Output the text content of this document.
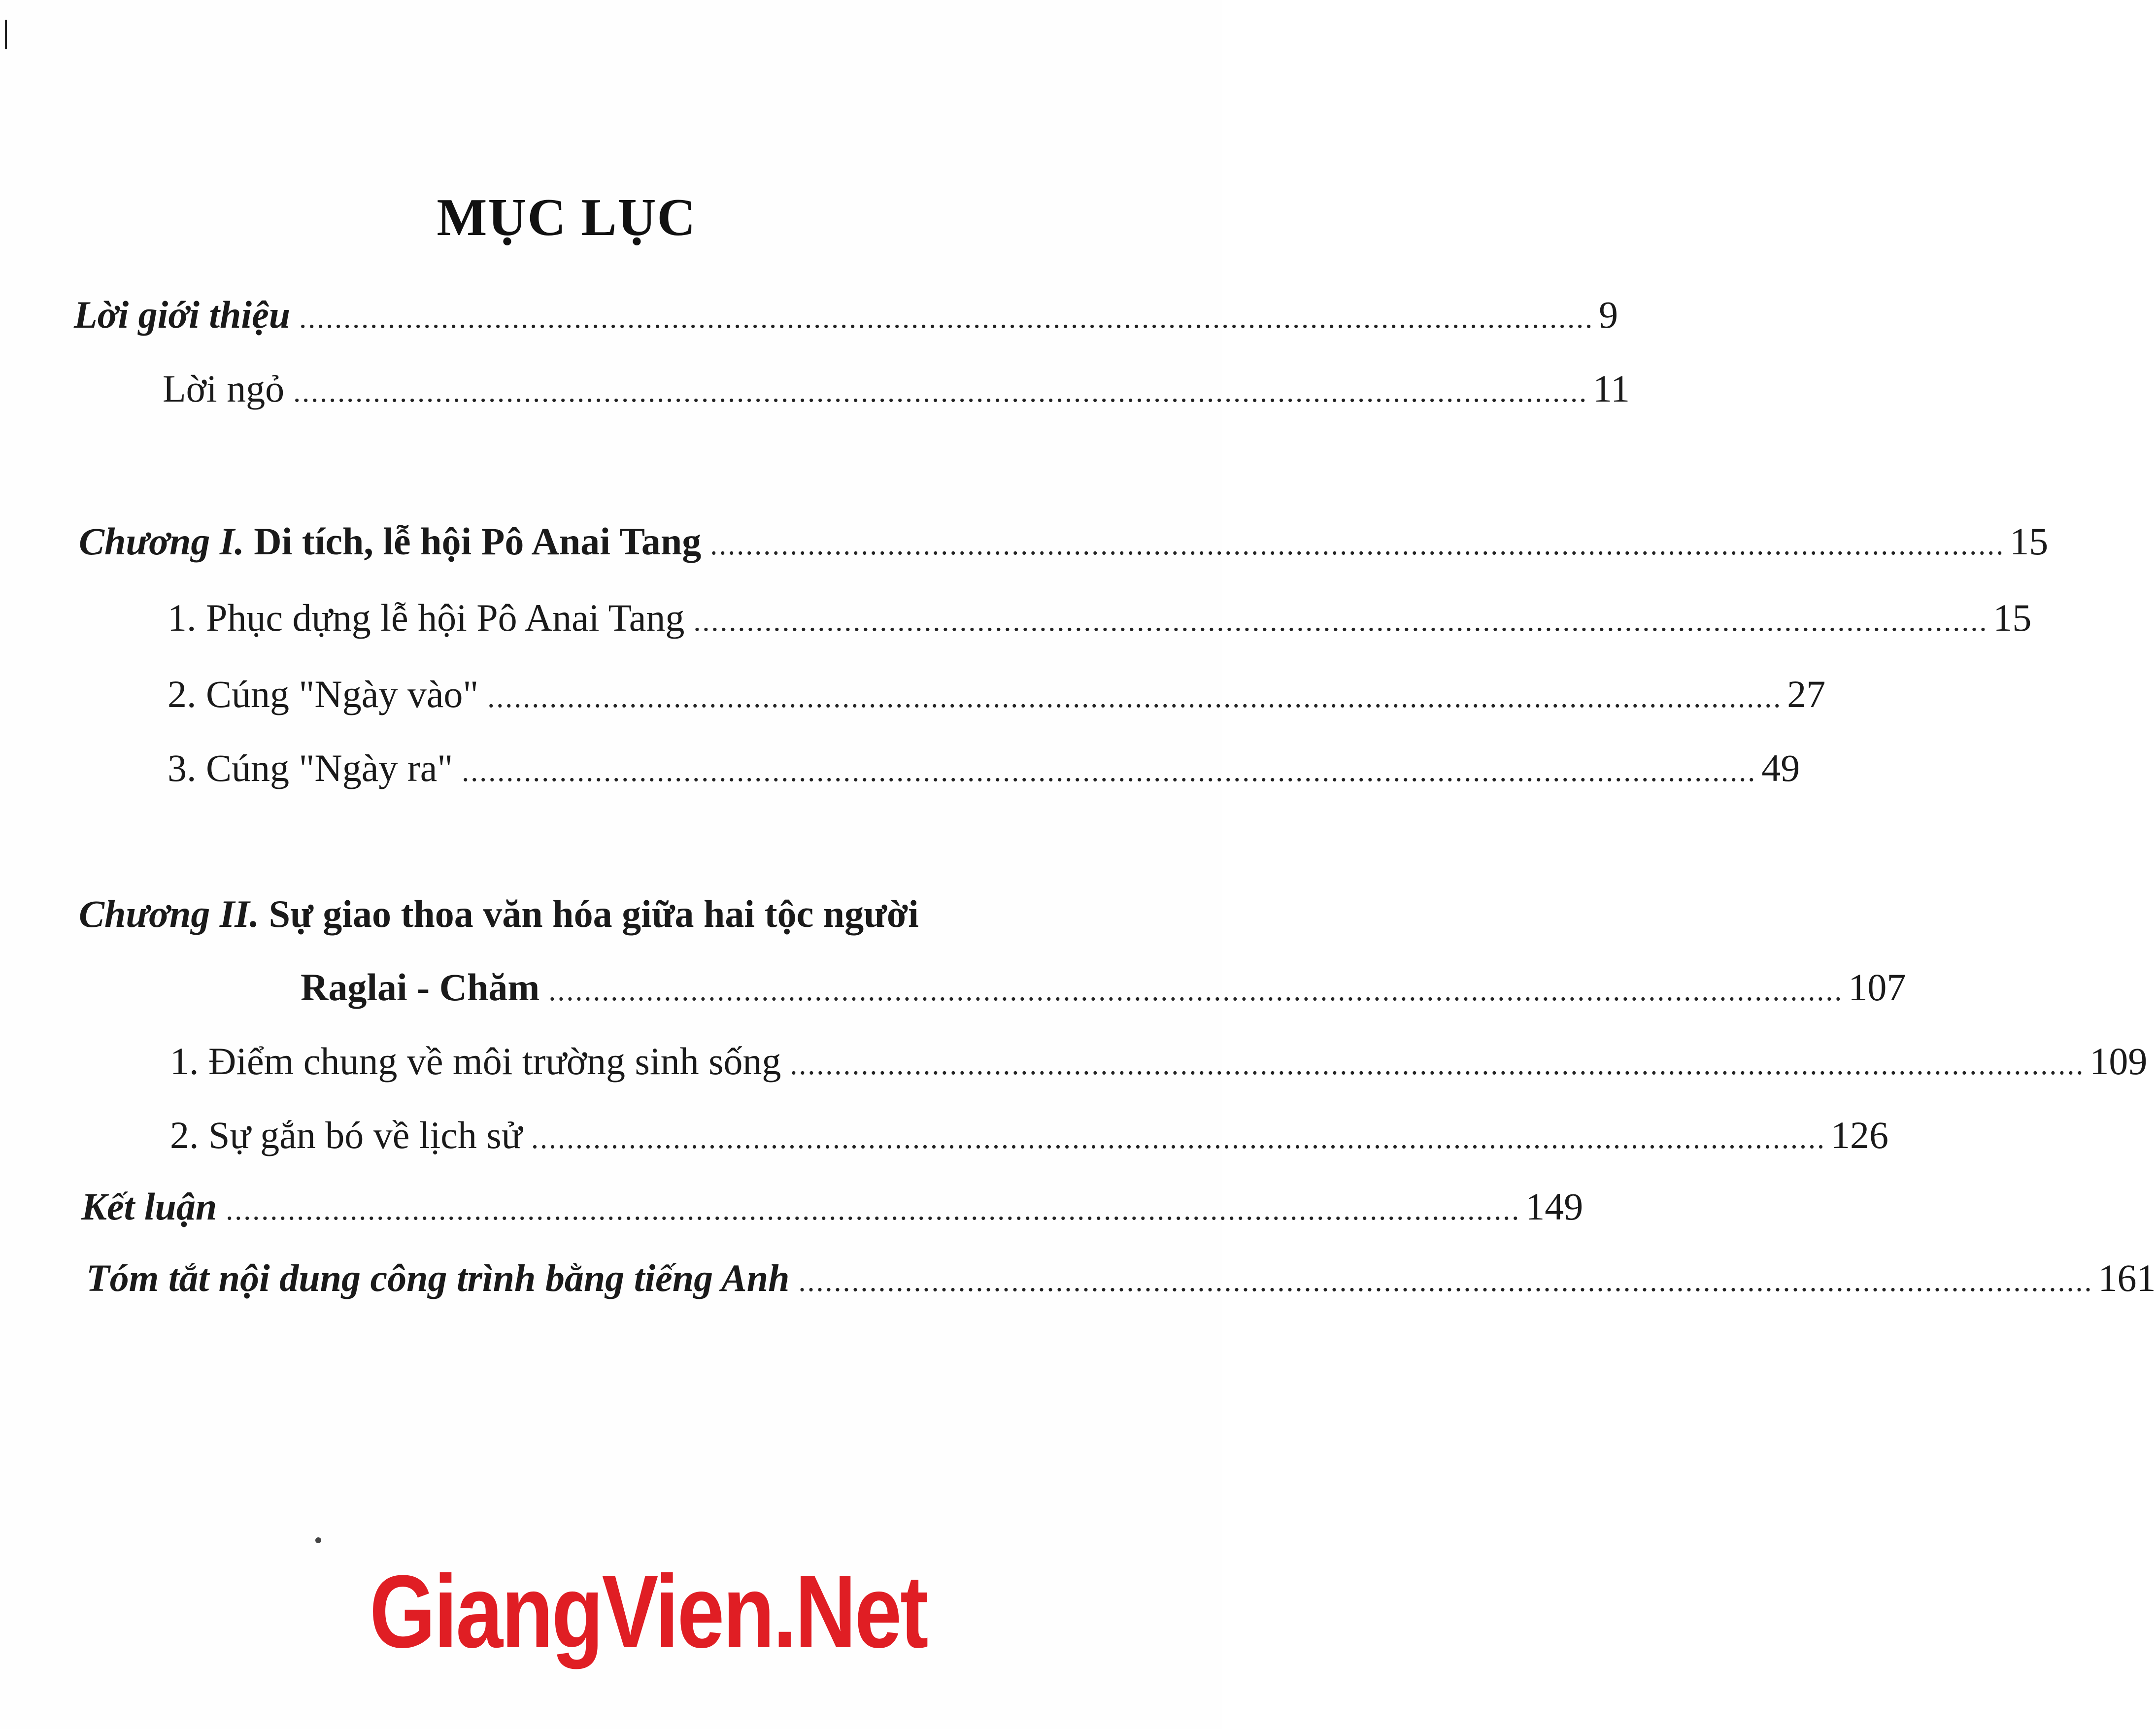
MỤC LỤC
Lời giới thiệu .................................................................................................................................................. 9
Lời ngỏ .................................................................................................................................................. 11
Chương I. Di tích, lễ hội Pô Anai Tang .................................................................................................................................................. 15
1. Phục dựng lễ hội Pô Anai Tang .................................................................................................................................................. 15
2. Cúng "Ngày vào" .................................................................................................................................................. 27
3. Cúng "Ngày ra" .................................................................................................................................................. 49
Chương II. Sự giao thoa văn hóa giữa hai tộc người
Raglai - Chăm .................................................................................................................................................. 107
1. Điểm chung về môi trường sinh sống .................................................................................................................................................. 109
2. Sự gắn bó về lịch sử .................................................................................................................................................. 126
Kết luận .................................................................................................................................................. 149
Tóm tắt nội dung công trình bằng tiếng Anh .................................................................................................................................................. 161
GiangVien.Net
